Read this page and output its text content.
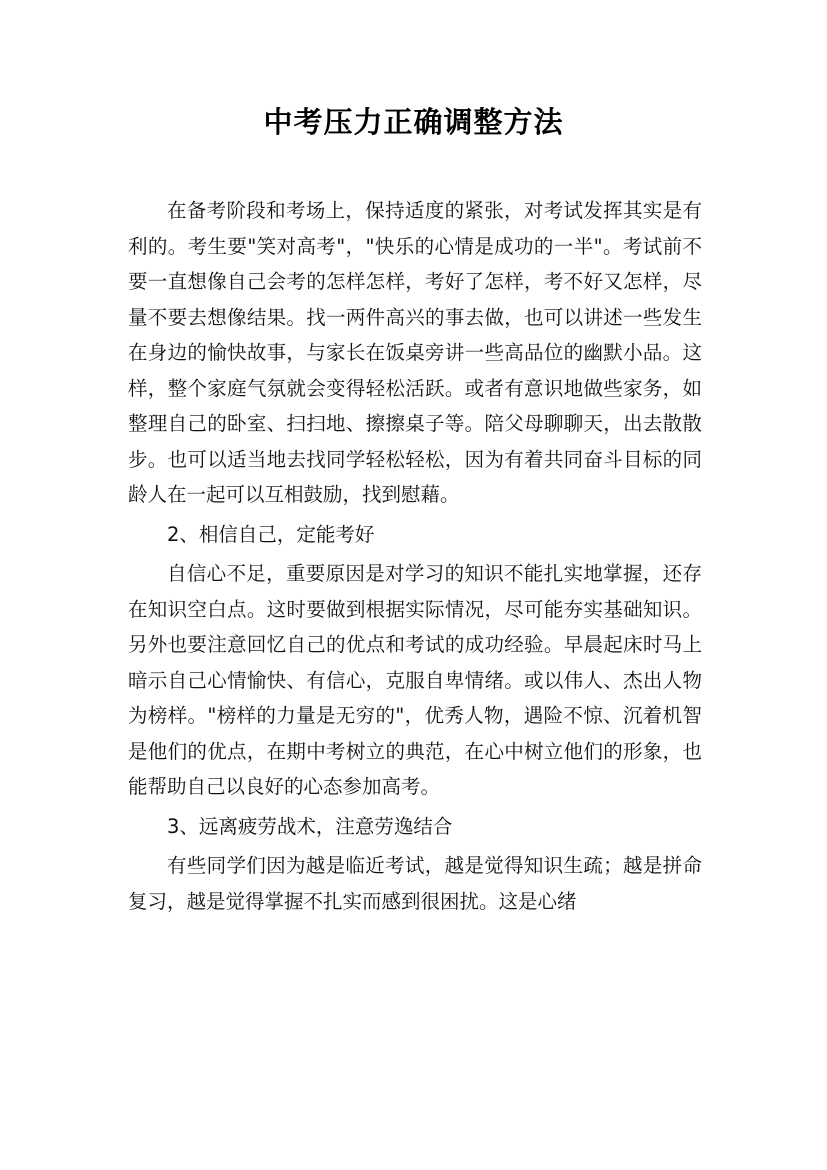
中考压力正确调整方法

在备考阶段和考场上，保持适度的紧张，对考试发挥其实是有利的。考生要"笑对高考"，"快乐的心情是成功的一半"。考试前不要一直想像自己会考的怎样怎样，考好了怎样，考不好又怎样，尽量不要去想像结果。找一两件高兴的事去做，也可以讲述一些发生在身边的愉快故事，与家长在饭桌旁讲一些高品位的幽默小品。这样，整个家庭气氛就会变得轻松活跃。或者有意识地做些家务，如整理自己的卧室、扫扫地、擦擦桌子等。陪父母聊聊天，出去散散步。也可以适当地去找同学轻松轻松，因为有着共同奋斗目标的同龄人在一起可以互相鼓励，找到慰藉。

2、相信自己，定能考好

自信心不足，重要原因是对学习的知识不能扎实地掌握，还存在知识空白点。这时要做到根据实际情况，尽可能夯实基础知识。另外也要注意回忆自己的优点和考试的成功经验。早晨起床时马上暗示自己心情愉快、有信心，克服自卑情绪。或以伟人、杰出人物为榜样。"榜样的力量是无穷的"，优秀人物，遇险不惊、沉着机智是他们的优点，在期中考树立的典范，在心中树立他们的形象，也能帮助自己以良好的心态参加高考。

3、远离疲劳战术，注意劳逸结合

有些同学们因为越是临近考试，越是觉得知识生疏；越是拼命复习，越是觉得掌握不扎实而感到很困扰。这是心绪
